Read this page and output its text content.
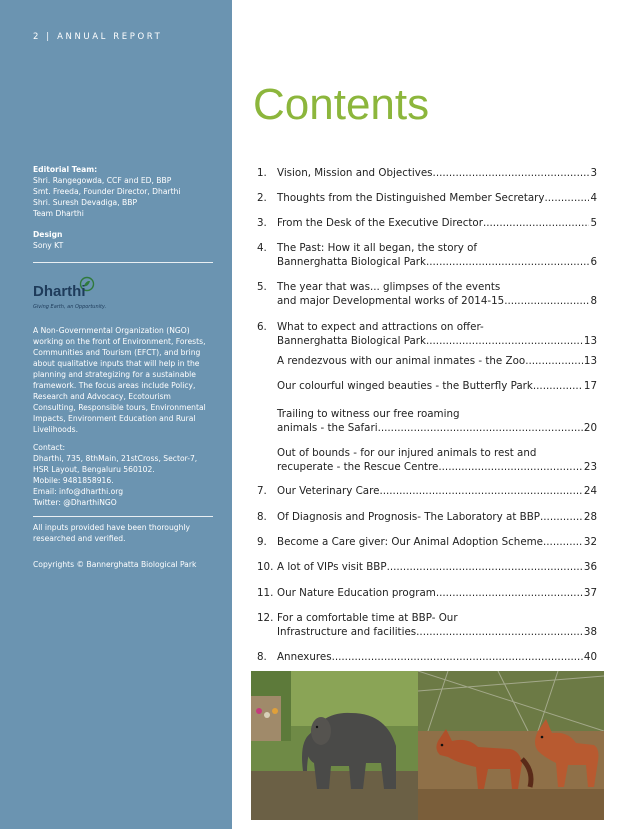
2 | ANNUAL REPORT
Editorial Team:
Shri. Rangegowda, CCF and ED, BBP
Smt. Freeda, Founder Director, Dharthi
Shri. Suresh Devadiga, BBP
Team Dharthi
Design
Sony KT
Dharthi
Giving Earth, an Opportunity.
A Non-Governmental Organization (NGO) working on the front of Environment, Forests, Communities and Tourism (EFCT), and bring about qualitative inputs that will help in the planning and strategizing for a sustainable framework. The focus areas include Policy, Research and Advocacy, Ecotourism Consulting, Responsible tours, Environmental Impacts, Environment Education and Rural Livelihoods.
Contact:
Dharthi, 735, 8thMain, 21stCross, Sector-7, HSR Layout, Bengaluru 560102.
Mobile: 9481858916.
Email: info@dharthi.org
Twitter: @DharthiNGO
All inputs provided have been thoroughly researched and verified.
Copyrights © Bannerghatta Biological Park
Contents
1. Vision, Mission and Objectives .....	3
2. Thoughts from the Distinguished Member Secretary .....	4
3. From the Desk of the Executive Director .....	5
4. The Past: How it all began, the story of
Bannerghatta Biological Park .....	6
5. The year that was... glimpses of the events
and major Developmental works of 2014-15 .....	8
6. What to expect and attractions on offer-
Bannerghatta Biological Park .....	13
A rendezvous with our animal inmates - the Zoo .....	13
Our colourful winged beauties - the Butterfly Park .....	17
Trailing to witness our free roaming
animals - the Safari .....	20
Out of bounds - for our injured animals to rest and
recuperate - the Rescue Centre .....	23
7. Our Veterinary Care .....	24
8. Of Diagnosis and Prognosis- The Laboratory at BBP .....	28
9. Become a Care giver: Our Animal Adoption Scheme .....	32
10. A lot of VIPs visit BBP .....	36
11. Our Nature Education program .....	37
12. For a comfortable time at BBP- Our
Infrastructure and facilities .....	38
8. Annexures .....	40
